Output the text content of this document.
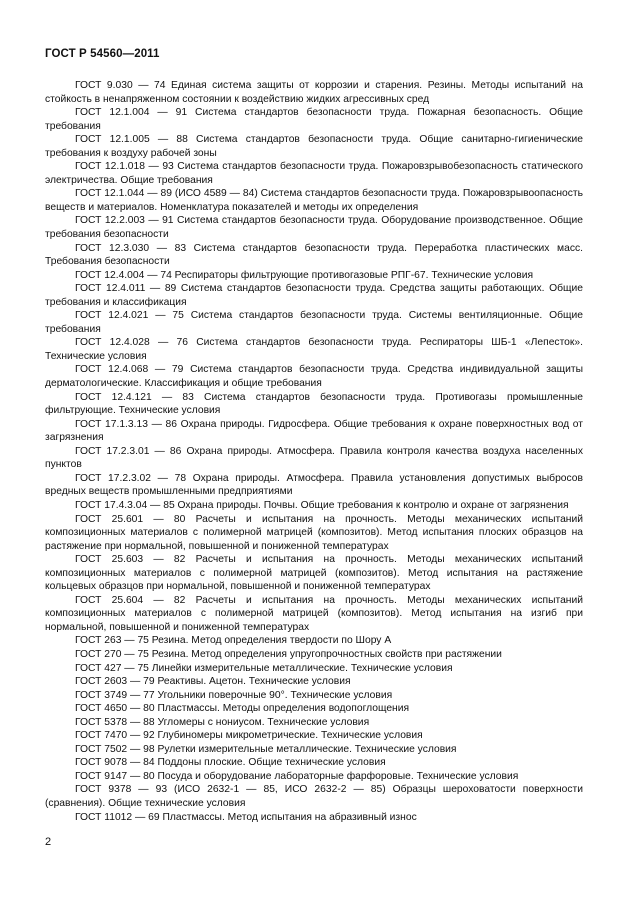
ГОСТ Р 54560—2011

ГОСТ 9.030 — 74 Единая система защиты от коррозии и старения. Резины. Методы испытаний на стойкость в ненапряженном состоянии к воздействию жидких агрессивных сред

ГОСТ 12.1.004 — 91 Система стандартов безопасности труда. Пожарная безопасность. Общие требования

ГОСТ 12.1.005 — 88 Система стандартов безопасности труда. Общие санитарно-гигиенические требования к воздуху рабочей зоны

ГОСТ 12.1.018 — 93 Система стандартов безопасности труда. Пожаровзрывобезопасность статического электричества. Общие требования

ГОСТ 12.1.044 — 89 (ИСО 4589 — 84) Система стандартов безопасности труда. Пожаровзрывоопасность веществ и материалов. Номенклатура показателей и методы их определения

ГОСТ 12.2.003 — 91 Система стандартов безопасности труда. Оборудование производственное. Общие требования безопасности

ГОСТ 12.3.030 — 83 Система стандартов безопасности труда. Переработка пластических масс. Требования безопасности

ГОСТ 12.4.004 — 74 Респираторы фильтрующие противогазовые РПГ-67. Технические условия

ГОСТ 12.4.011 — 89 Система стандартов безопасности труда. Средства защиты работающих. Общие требования и классификация

ГОСТ 12.4.021 — 75 Система стандартов безопасности труда. Системы вентиляционные. Общие требования

ГОСТ 12.4.028 — 76 Система стандартов безопасности труда. Респираторы ШБ-1 «Лепесток». Технические условия

ГОСТ 12.4.068 — 79 Система стандартов безопасности труда. Средства индивидуальной защиты дерматологические. Классификация и общие требования

ГОСТ 12.4.121 — 83 Система стандартов безопасности труда. Противогазы промышленные фильтрующие. Технические условия

ГОСТ 17.1.3.13 — 86 Охрана природы. Гидросфера. Общие требования к охране поверхностных вод от загрязнения

ГОСТ 17.2.3.01 — 86 Охрана природы. Атмосфера. Правила контроля качества воздуха населенных пунктов

ГОСТ 17.2.3.02 — 78 Охрана природы. Атмосфера. Правила установления допустимых выбросов вредных веществ промышленными предприятиями

ГОСТ 17.4.3.04 — 85 Охрана природы. Почвы. Общие требования к контролю и охране от загрязнения

ГОСТ 25.601 — 80 Расчеты и испытания на прочность. Методы механических испытаний композиционных материалов с полимерной матрицей (композитов). Метод испытания плоских образцов на растяжение при нормальной, повышенной и пониженной температурах

ГОСТ 25.603 — 82 Расчеты и испытания на прочность. Методы механических испытаний композиционных материалов с полимерной матрицей (композитов). Метод испытания на растяжение кольцевых образцов при нормальной, повышенной и пониженной температурах

ГОСТ 25.604 — 82 Расчеты и испытания на прочность. Методы механических испытаний композиционных материалов с полимерной матрицей (композитов). Метод испытания на изгиб при нормальной, повышенной и пониженной температурах

ГОСТ 263 — 75 Резина. Метод определения твердости по Шору А

ГОСТ 270 — 75 Резина. Метод определения упругопрочностных свойств при растяжении

ГОСТ 427 — 75 Линейки измерительные металлические. Технические условия

ГОСТ 2603 — 79 Реактивы. Ацетон. Технические условия

ГОСТ 3749 — 77 Угольники поверочные 90°. Технические условия

ГОСТ 4650 — 80 Пластмассы. Методы определения водопоглощения

ГОСТ 5378 — 88 Угломеры с нониусом. Технические условия

ГОСТ 7470 — 92 Глубиномеры микрометрические. Технические условия

ГОСТ 7502 — 98 Рулетки измерительные металлические. Технические условия

ГОСТ 9078 — 84 Поддоны плоские. Общие технические условия

ГОСТ 9147 — 80 Посуда и оборудование лабораторные фарфоровые. Технические условия

ГОСТ 9378 — 93 (ИСО 2632-1 — 85, ИСО 2632-2 — 85) Образцы шероховатости поверхности (сравнения). Общие технические условия

ГОСТ 11012 — 69 Пластмассы. Метод испытания на абразивный износ

2
